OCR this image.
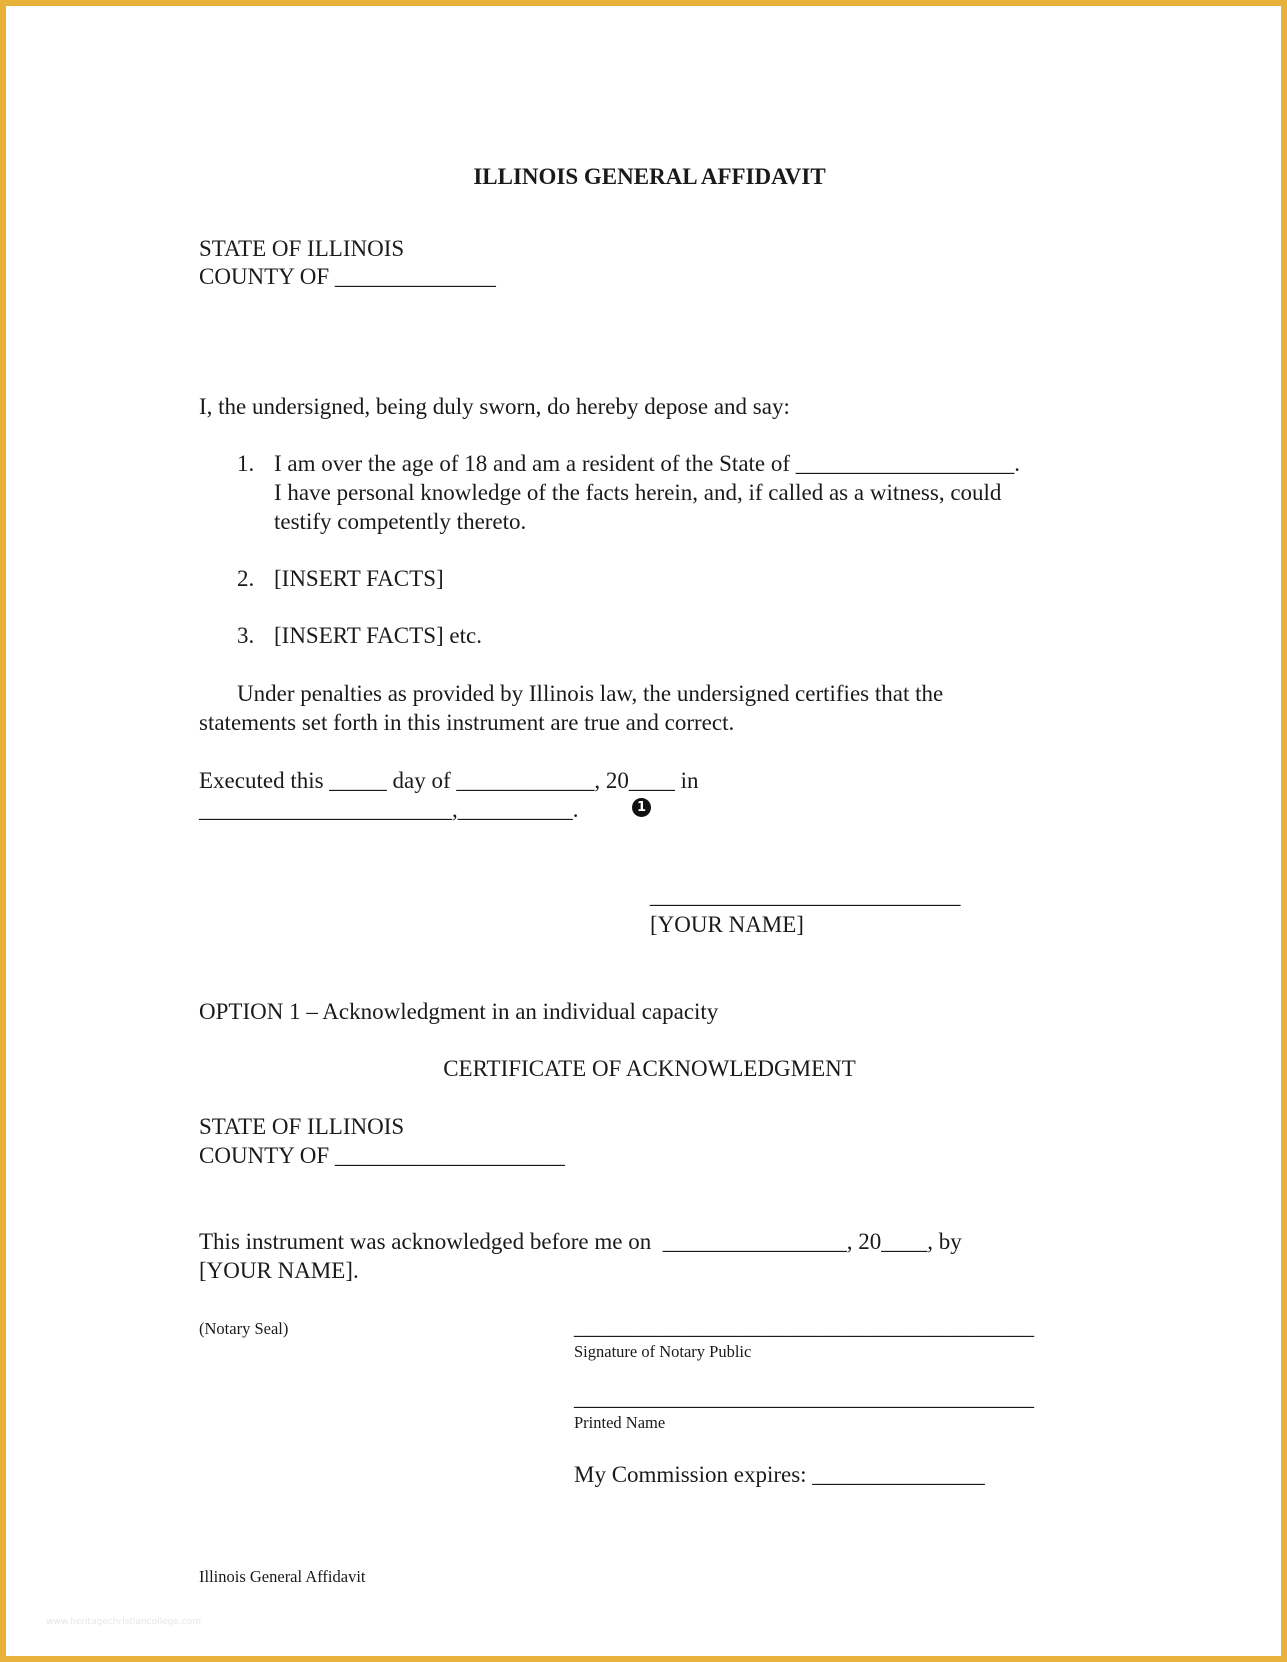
ILLINOIS GENERAL AFFIDAVIT
STATE OF ILLINOIS
COUNTY OF ______________
I, the undersigned, being duly sworn, do hereby depose and say:
1. I am over the age of 18 and am a resident of the State of ___________________.
I have personal knowledge of the facts herein, and, if called as a witness, could
testify competently thereto.
2. [INSERT FACTS]
3. [INSERT FACTS] etc.
Under penalties as provided by Illinois law, the undersigned certifies that the
statements set forth in this instrument are true and correct.
Executed this _____ day of ____________, 20____ in
______________________,__________.	1
___________________________
[YOUR NAME]
OPTION 1 – Acknowledgment in an individual capacity
CERTIFICATE OF ACKNOWLEDGMENT
STATE OF ILLINOIS
COUNTY OF ____________________
This instrument was acknowledged before me on  ________________, 20____, by
[YOUR NAME].
(Notary Seal)	________________________________________
Signature of Notary Public
________________________________________
Printed Name
My Commission expires: _______________
Illinois General Affidavit
www.heritagechristiancollege.com
